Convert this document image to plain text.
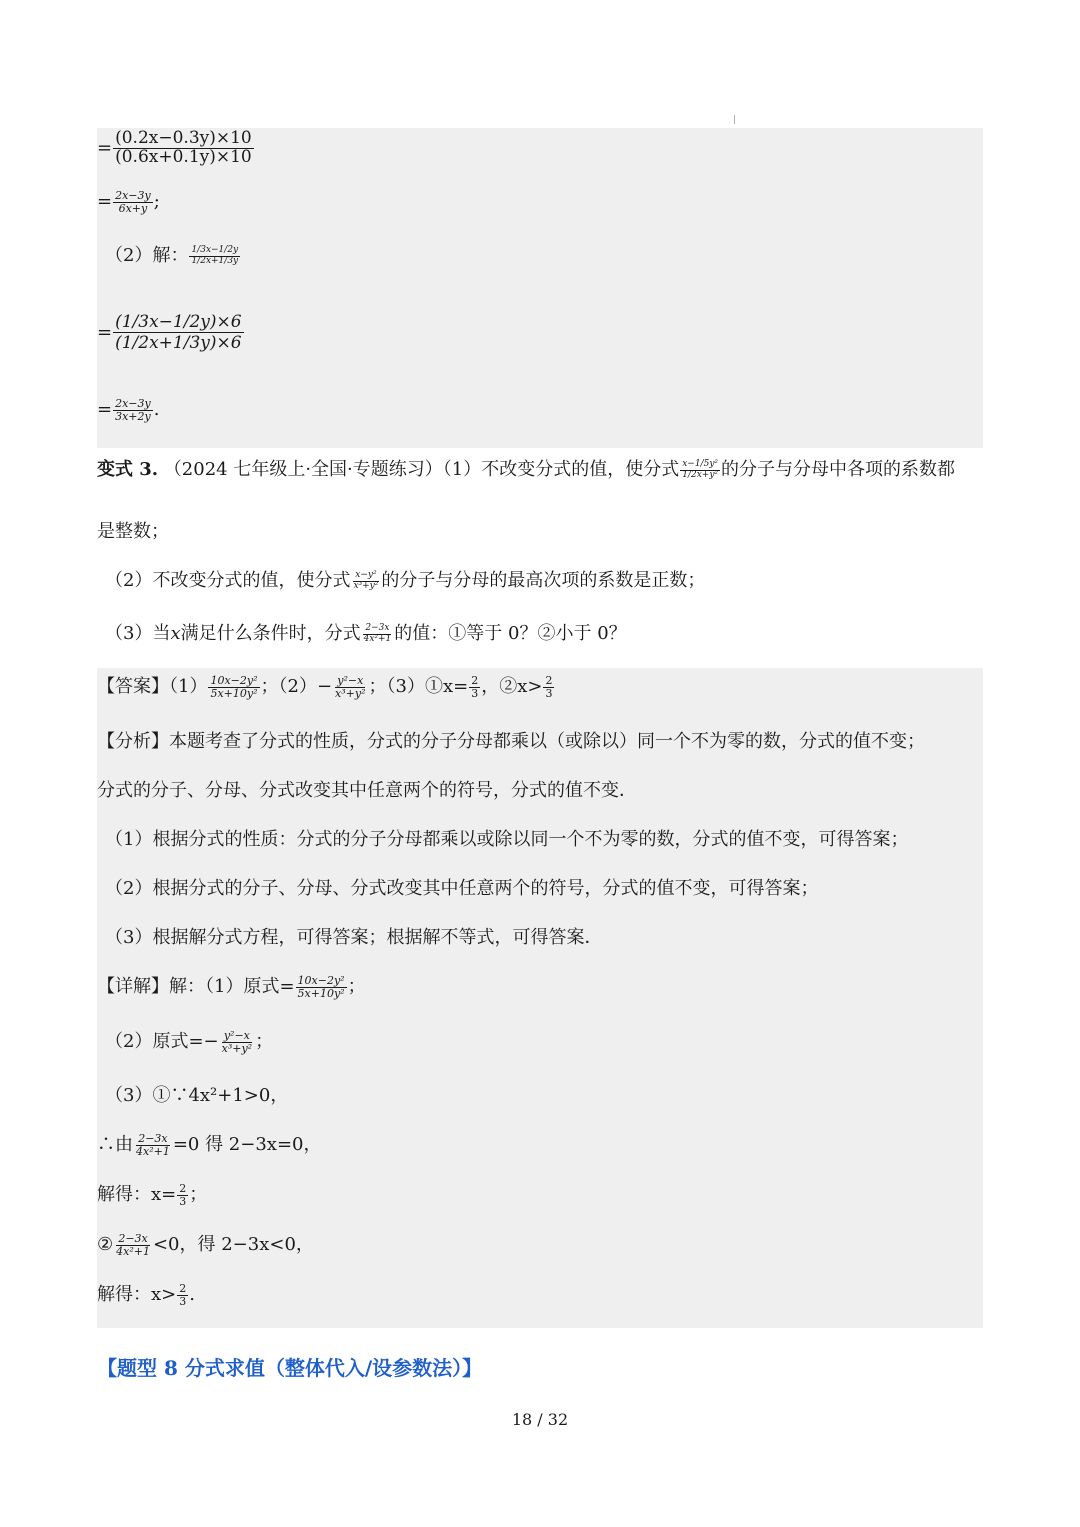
= $\frac{(0.2x-0.3y)\times 10}{(0.6x+0.1y)\times 10}$
= $\frac{2x-3y}{6x+y}$ ;
（2）解： $\frac{1/3x-1/2y}{1/2x+1/3y}$
= $\frac{(1/3x-1/2y)\times 6}{(1/2x+1/3y)\times 6}$
= $\frac{2x-3y}{3x+2y}$ .
变式 3. （2024 七年级上·全国·专题练习）（1）不改变分式的值，使分式 $\frac{\text{x−1/5y²}}{\text{1/2x+y²}}$ 的分子与分母中各项的系数都
是整数；
（2）不改变分式的值，使分式 $\frac{\text{x−y²}}{\text{x³+y²}}$ 的分子与分母的最高次项的系数是正数；
（3）当x满足什么条件时，分式 $\frac{2-3x}{\text{4x²+1}}$ 的值：①等于 0？②小于 0？
【答案】$(1) \frac{\text{10x−2y²}}{\text{5x+10y²}}$ ；$(2)- \frac{\text{y²−x}}{\text{x³+y²}}$ ；（3）①x= $\frac{2}{3}$ ，②x> $\frac{2}{3}$
【分析】本题考查了分式的性质，分式的分子分母都乘以（或除以）同一个不为零的数，分式的值不变；
分式的分子、分母、分式改变其中任意两个的符号，分式的值不变．
（1）根据分式的性质：分式的分子分母都乘以或除以同一个不为零的数，分式的值不变，可得答案；
（2）根据分式的分子、分母、分式改变其中任意两个的符号，分式的值不变，可得答案；
（3）根据解分式方程，可得答案；根据解不等式，可得答案．
【详解】解：（1）原式= $\frac{\text{10x−2y²}}{\text{5x+10y²}}$ ；
（2）原式=− $\frac{\text{y²−x}}{\text{x³+y²}}$ ；
（3）①∵4x²+1>0，
∴由 $\frac{2-3x}{\text{4x²+1}} =0$ 得 2−3x=0，
解得：$x= \frac{2}{3}$ ；
② $\frac{2-3x}{\text{4x²+1}} <0$，得 2−3x<0，
解得：$x> \frac{2}{3}$ .
【题型 8 分式求值（整体代入/设参数法）】
18 / 32
